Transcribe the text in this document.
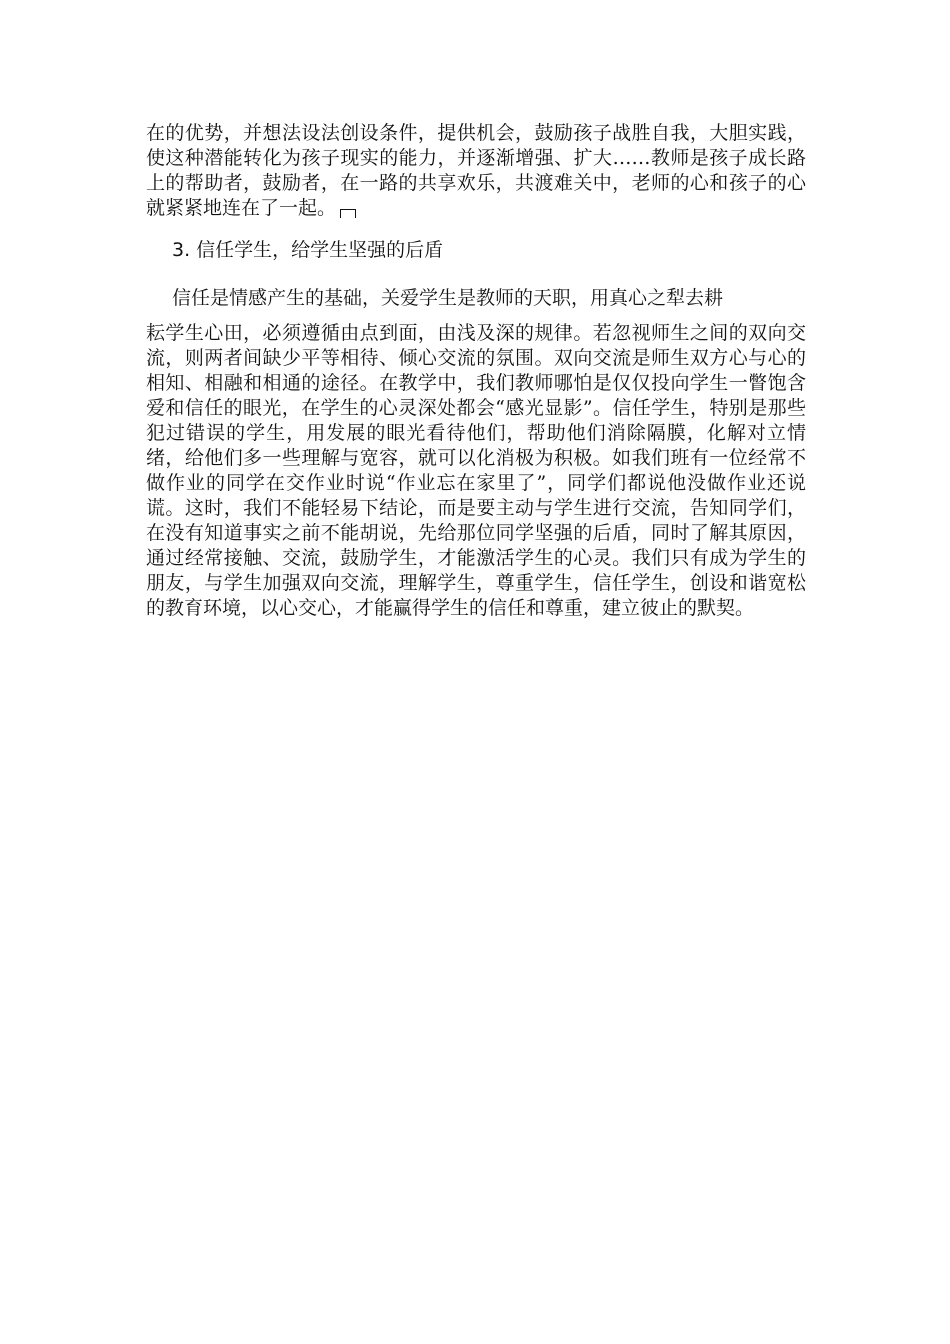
在的优势，并想法设法创设条件，提供机会，鼓励孩子战胜自我，大胆实践，使这种潜能转化为孩子现实的能力，并逐渐增强、扩大……教师是孩子成长路上的帮助者，鼓励者，在一路的共享欢乐，共渡难关中，老师的心和孩子的心就紧紧地连在了一起。

3. 信任学生，给学生坚强的后盾
信任是情感产生的基础，关爱学生是教师的天职，用真心之犁去耕

耘学生心田，必须遵循由点到面，由浅及深的规律。若忽视师生之间的双向交流，则两者间缺少平等相待、倾心交流的氛围。双向交流是师生双方心与心的相知、相融和相通的途径。在教学中，我们教师哪怕是仅仅投向学生一瞥饱含爱和信任的眼光，在学生的心灵深处都会“感光显影”。信任学生，特别是那些犯过错误的学生，用发展的眼光看待他们，帮助他们消除隔膜，化解对立情绪，给他们多一些理解与宽容，就可以化消极为积极。如我们班有一位经常不做作业的同学在交作业时说“作业忘在家里了”，同学们都说他没做作业还说谎。这时，我们不能轻易下结论，而是要主动与学生进行交流，告知同学们，在没有知道事实之前不能胡说，先给那位同学坚强的后盾，同时了解其原因，通过经常接触、交流，鼓励学生，才能激活学生的心灵。我们只有成为学生的朋友，与学生加强双向交流，理解学生，尊重学生，信任学生，创设和谐宽松的教育环境，以心交心，才能赢得学生的信任和尊重，建立彼止的默契。
